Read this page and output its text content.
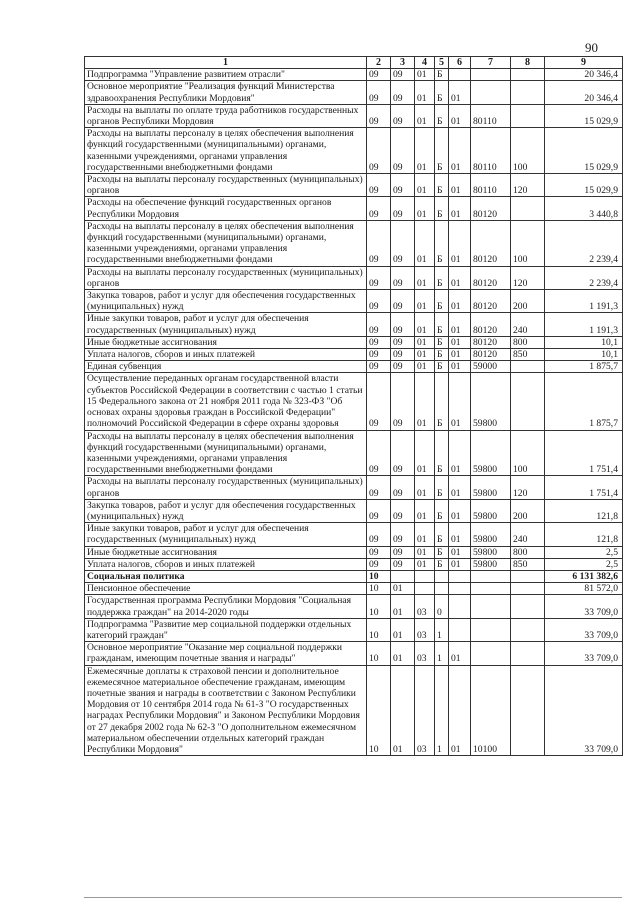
90
1	2	3	4	5	6	7	8	9
Подпрограмма "Управление развитием отрасли"	09	09	01	Б				20 346,4
Основное мероприятие "Реализация функций Министерства здравоохранения Республики Мордовия"	09	09	01	Б	01			20 346,4
Расходы на выплаты по оплате труда работников государственных органов Республики Мордовия	09	09	01	Б	01	80110		15 029,9
Расходы на выплаты персоналу в целях обеспечения выполнения функций государственными (муниципальными) органами, казенными учреждениями, органами управления государственными внебюджетными фондами	09	09	01	Б	01	80110	100	15 029,9
Расходы на выплаты персоналу государственных (муниципальных) органов	09	09	01	Б	01	80110	120	15 029,9
Расходы на обеспечение функций государственных органов Республики Мордовия	09	09	01	Б	01	80120		3 440,8
Расходы на выплаты персоналу в целях обеспечения выполнения функций государственными (муниципальными) органами, казенными учреждениями, органами управления государственными внебюджетными фондами	09	09	01	Б	01	80120	100	2 239,4
Расходы на выплаты персоналу государственных (муниципальных) органов	09	09	01	Б	01	80120	120	2 239,4
Закупка товаров, работ и услуг для обеспечения государственных (муниципальных) нужд	09	09	01	Б	01	80120	200	1 191,3
Иные закупки товаров, работ и услуг для обеспечения государственных (муниципальных) нужд	09	09	01	Б	01	80120	240	1 191,3
Иные бюджетные ассигнования	09	09	01	Б	01	80120	800	10,1
Уплата налогов, сборов и иных платежей	09	09	01	Б	01	80120	850	10,1
Единая субвенция	09	09	01	Б	01	59000		1 875,7
Осуществление переданных органам государственной власти субъектов Российской Федерации в соответствии с частью 1 статьи 15 Федерального закона от 21 ноября 2011 года № 323-ФЗ "Об основах охраны здоровья граждан в Российской Федерации" полномочий Российской Федерации в сфере охраны здоровья	09	09	01	Б	01	59800		1 875,7
Расходы на выплаты персоналу в целях обеспечения выполнения функций государственными (муниципальными) органами, казенными учреждениями, органами управления государственными внебюджетными фондами	09	09	01	Б	01	59800	100	1 751,4
Расходы на выплаты персоналу государственных (муниципальных) органов	09	09	01	Б	01	59800	120	1 751,4
Закупка товаров, работ и услуг для обеспечения государственных (муниципальных) нужд	09	09	01	Б	01	59800	200	121,8
Иные закупки товаров, работ и услуг для обеспечения государственных (муниципальных) нужд	09	09	01	Б	01	59800	240	121,8
Иные бюджетные ассигнования	09	09	01	Б	01	59800	800	2,5
Уплата налогов, сборов и иных платежей	09	09	01	Б	01	59800	850	2,5
Социальная политика	10							6 131 382,6
Пенсионное обеспечение	10	01						81 572,0
Государственная программа Республики Мордовия "Социальная поддержка граждан" на 2014-2020 годы	10	01	03	0				33 709,0
Подпрограмма "Развитие мер социальной поддержки отдельных категорий граждан"	10	01	03	1				33 709,0
Основное мероприятие "Оказание мер социальной поддержки гражданам, имеющим почетные звания и награды"	10	01	03	1	01			33 709,0
Ежемесячные доплаты к страховой пенсии и дополнительное ежемесячное материальное обеспечение гражданам, имеющим почетные звания и награды в соответствии с Законом Республики Мордовия от 10 сентября 2014 года № 61-З "О государственных наградах Республики Мордовия" и Законом Республики Мордовия от 27 декабря 2002 года № 62-З "О дополнительном ежемесячном материальном обеспечении отдельных категорий граждан Республики Мордовия"	10	01	03	1	01	10100		33 709,0
